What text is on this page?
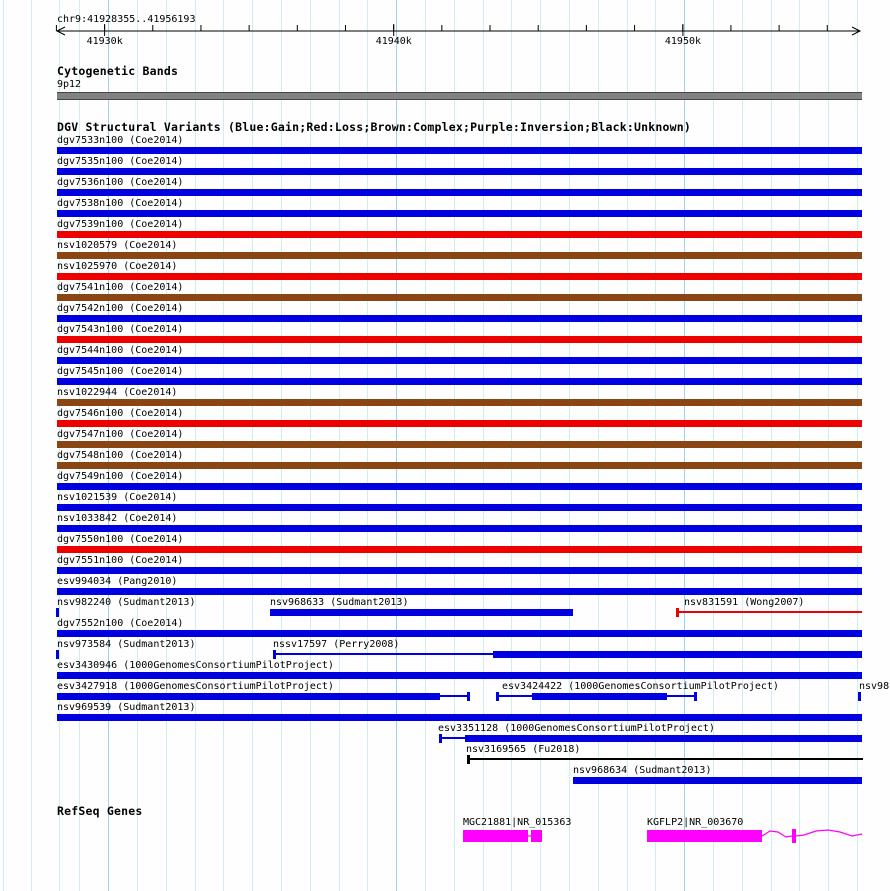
chr9:41928355..41956193
Cytogenetic Bands
9p12
DGV Structural Variants (Blue:Gain;Red:Loss;Brown:Complex;Purple:Inversion;Black:Unknown)
dgv7533n100 (Coe2014)
dgv7535n100 (Coe2014)
dgv7536n100 (Coe2014)
dgv7538n100 (Coe2014)
dgv7539n100 (Coe2014)
nsv1020579 (Coe2014)
nsv1025970 (Coe2014)
dgv7541n100 (Coe2014)
dgv7542n100 (Coe2014)
dgv7543n100 (Coe2014)
dgv7544n100 (Coe2014)
dgv7545n100 (Coe2014)
nsv1022944 (Coe2014)
dgv7546n100 (Coe2014)
dgv7547n100 (Coe2014)
dgv7548n100 (Coe2014)
dgv7549n100 (Coe2014)
nsv1021539 (Coe2014)
nsv1033842 (Coe2014)
dgv7550n100 (Coe2014)
dgv7551n100 (Coe2014)
esv994034 (Pang2010)
nsv982240 (Sudmant2013)	nsv968633 (Sudmant2013)	nsv831591 (Wong2007)
dgv7552n100 (Coe2014)
nsv973584 (Sudmant2013)	nssv17597 (Perry2008)
esv3430946 (1000GenomesConsortiumPilotProject)
esv3427918 (1000GenomesConsortiumPilotProject)	esv3424422 (1000GenomesConsortiumPilotProject)	nsv98
nsv969539 (Sudmant2013)
esv3351128 (1000GenomesConsortiumPilotProject)
nsv3169565 (Fu2018)
nsv968634 (Sudmant2013)
RefSeq Genes
MGC21881|NR_015363	KGFLP2|NR_003670
41930k	41940k	41950k
